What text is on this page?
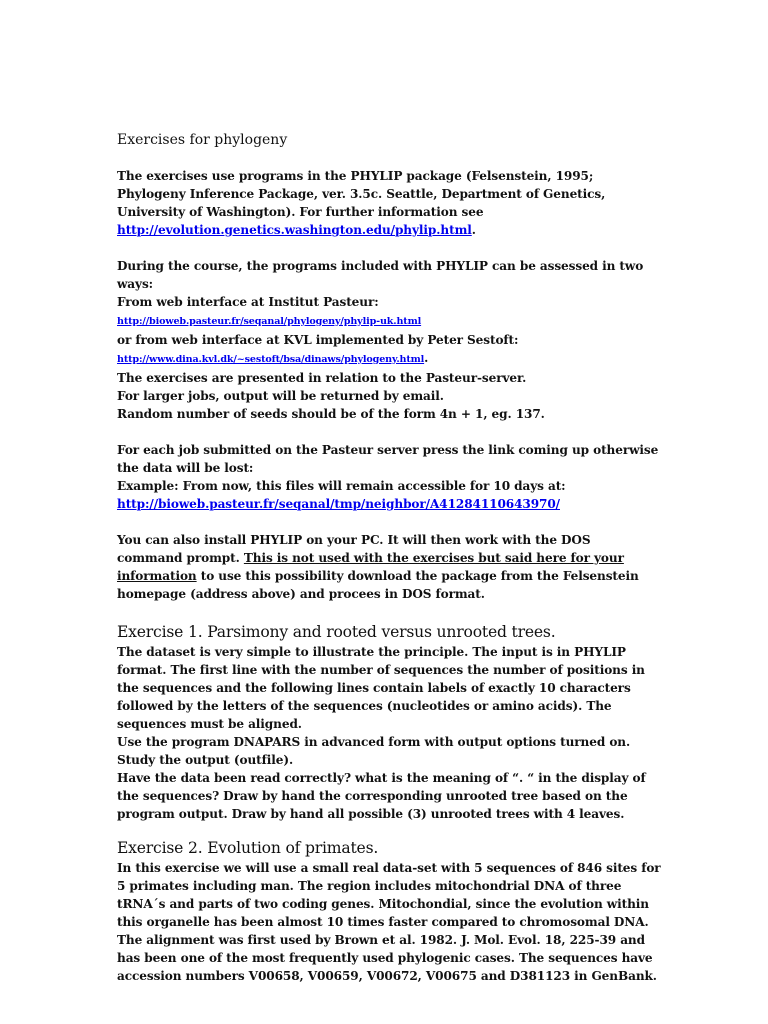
Exercises for phylogeny
The exercises use programs in the PHYLIP package (Felsenstein, 1995;
Phylogeny Inference Package, ver. 3.5c. Seattle, Department of Genetics,
University of Washington). For further information see
http://evolution.genetics.washington.edu/phylip.html.
During the course, the programs included with PHYLIP can be assessed in two
ways:
From web interface at Institut Pasteur:
http://bioweb.pasteur.fr/seqanal/phylogeny/phylip-uk.html
or from web interface at KVL implemented by Peter Sestoft:
http://www.dina.kvl.dk/~sestoft/bsa/dinaws/phylogeny.html.
The exercises are presented in relation to the Pasteur-server.
For larger jobs, output will be returned by email.
Random number of seeds should be of the form 4n + 1, eg. 137.
For each job submitted on the Pasteur server press the link coming up otherwise
the data will be lost:
Example: From now, this files will remain accessible for 10 days at:
http://bioweb.pasteur.fr/seqanal/tmp/neighbor/A41284110643970/
You can also install PHYLIP on your PC. It will then work with the DOS
command prompt. This is not used with the exercises but said here for your
information to use this possibility download the package from the Felsenstein
homepage (address above) and procees in DOS format.
Exercise 1. Parsimony and rooted versus unrooted trees.
The dataset is very simple to illustrate the principle. The input is in PHYLIP
format. The first line with the number of sequences the number of positions in
the sequences and the following lines contain labels of exactly 10 characters
followed by the letters of the sequences (nucleotides or amino acids). The
sequences must be aligned.
Use the program DNAPARS in advanced form with output options turned on.
Study the output (outfile).
Have the data been read correctly? what is the meaning of “. “ in the display of
the sequences? Draw by hand the corresponding unrooted tree based on the
program output. Draw by hand all possible (3) unrooted trees with 4 leaves.
Exercise 2. Evolution of primates.
In this exercise we will use a small real data-set with 5 sequences of 846 sites for
5 primates including man. The region includes mitochondrial DNA of three
tRNA´s and parts of two coding genes. Mitochondial, since the evolution within
this organelle has been almost 10 times faster compared to chromosomal DNA.
The alignment was first used by Brown et al. 1982. J. Mol. Evol. 18, 225-39 and
has been one of the most frequently used phylogenic cases. The sequences have
accession numbers V00658, V00659, V00672, V00675 and D381123 in GenBank.
